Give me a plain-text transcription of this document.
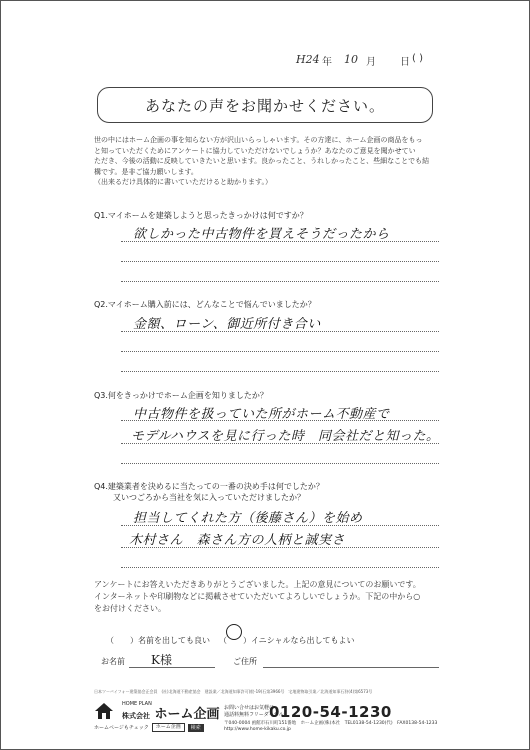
H24 年 10 月 日 ( )
あなたの声をお聞かせください。
世の中にはホーム企画の事を知らない方が沢山いらっしゃいます。その方達に、ホーム企画の商品をもっ
と知っていただくためにアンケートに協力していただけないでしょうか？あなたのご意見を聞かせてい
ただき、今後の活動に反映していきたいと思います。良かったこと、うれしかったこと、些細なことでも結
構です。是非ご協力願いします。
（出来るだけ具体的に書いていただけると助かります。）
Q1.マイホームを建築しようと思ったきっかけは何ですか？
欲しかった中古物件を買えそうだったから
Q2.マイホーム購入前には、どんなことで悩んでいましたか？
金額、ローン、御近所付き合い
Q3.何をきっかけでホーム企画を知りましたか？
中古物件を扱っていた所がホーム不動産で
モデルハウスを見に行った時　同会社だと知った。
Q4.建築業者を決めるに当たっての一番の決め手は何でしたか？
又いつごろから当社を気に入っていただけましたか？
担当してくれた方（後藤さん）を始め
木村さん　森さん方の人柄と誠実さ
アンケートにお答えいただきありがとうございました。上記の意見についてのお願いです。
インターネットや印刷物などに掲載させていただいてよろしいでしょうか。下記の中から○
をお付けください。
（　　）名前を出しても良い （　　）イニシャルなら出してもよい
お名前 K様	ご住所
日本ツーバイフォー建築協会正会員　(社)北海道不動産協会　建設業／北海道知事許可(般-19)石第3966号　宅地建物取引業／北海道知事石狩(4)第6573号
HOME PLAN
株式会社 ホーム企画 お問い合せはお気軽に
通話料無料フリーダイヤル
0120-54-1230
〒040-0004 函館市石川町151番地　ホーム企画(株)本社　TEL0138-54-1230(代)　FAX0138-54-1233
http://www.home-kikaku.co.jp
ホームページもチェック	ホーム企画	検索
